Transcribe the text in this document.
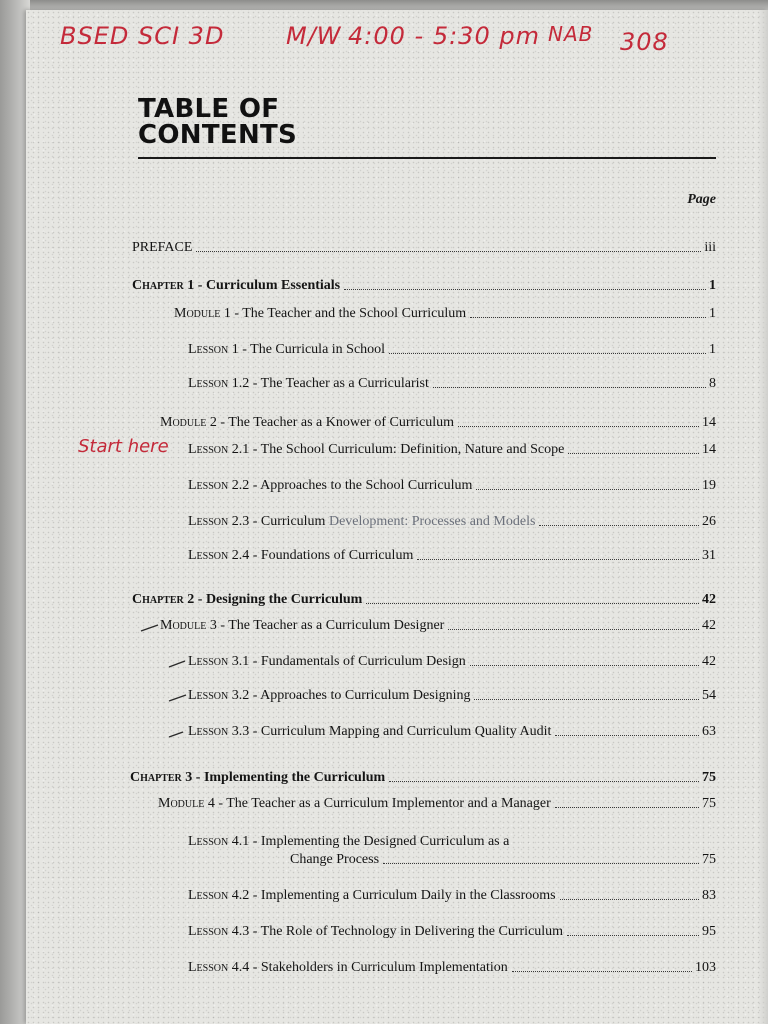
BSED SCI 3D	M/W 4:00 - 5:30 pm NAB 308
TABLE OF
CONTENTS
Page
PREFACE	iii
Chapter 1 - Curriculum Essentials	1
Module 1 - The Teacher and the School Curriculum	1
Lesson 1 - The Curricula in School	1
Lesson 1.2 - The Teacher as a Curricularist	8
Module 2 - The Teacher as a Knower of Curriculum	14
Start here Lesson 2.1 - The School Curriculum: Definition, Nature and Scope	14
Lesson 2.2 - Approaches to the School Curriculum	19
Lesson 2.3 - Curriculum Development: Processes and Models	26
Lesson 2.4 - Foundations of Curriculum	31
Chapter 2 - Designing the Curriculum	42
Module 3 - The Teacher as a Curriculum Designer	42
Lesson 3.1 - Fundamentals of Curriculum Design	42
Lesson 3.2 - Approaches to Curriculum Designing	54
Lesson 3.3 - Curriculum Mapping and Curriculum Quality Audit	63
Chapter 3 - Implementing the Curriculum	75
Module 4 - The Teacher as a Curriculum Implementor and a Manager	75
Lesson 4.1 - Implementing the Designed Curriculum as a
Change Process	75
Lesson 4.2 - Implementing a Curriculum Daily in the Classrooms	83
Lesson 4.3 - The Role of Technology in Delivering the Curriculum	95
Lesson 4.4 - Stakeholders in Curriculum Implementation	103
